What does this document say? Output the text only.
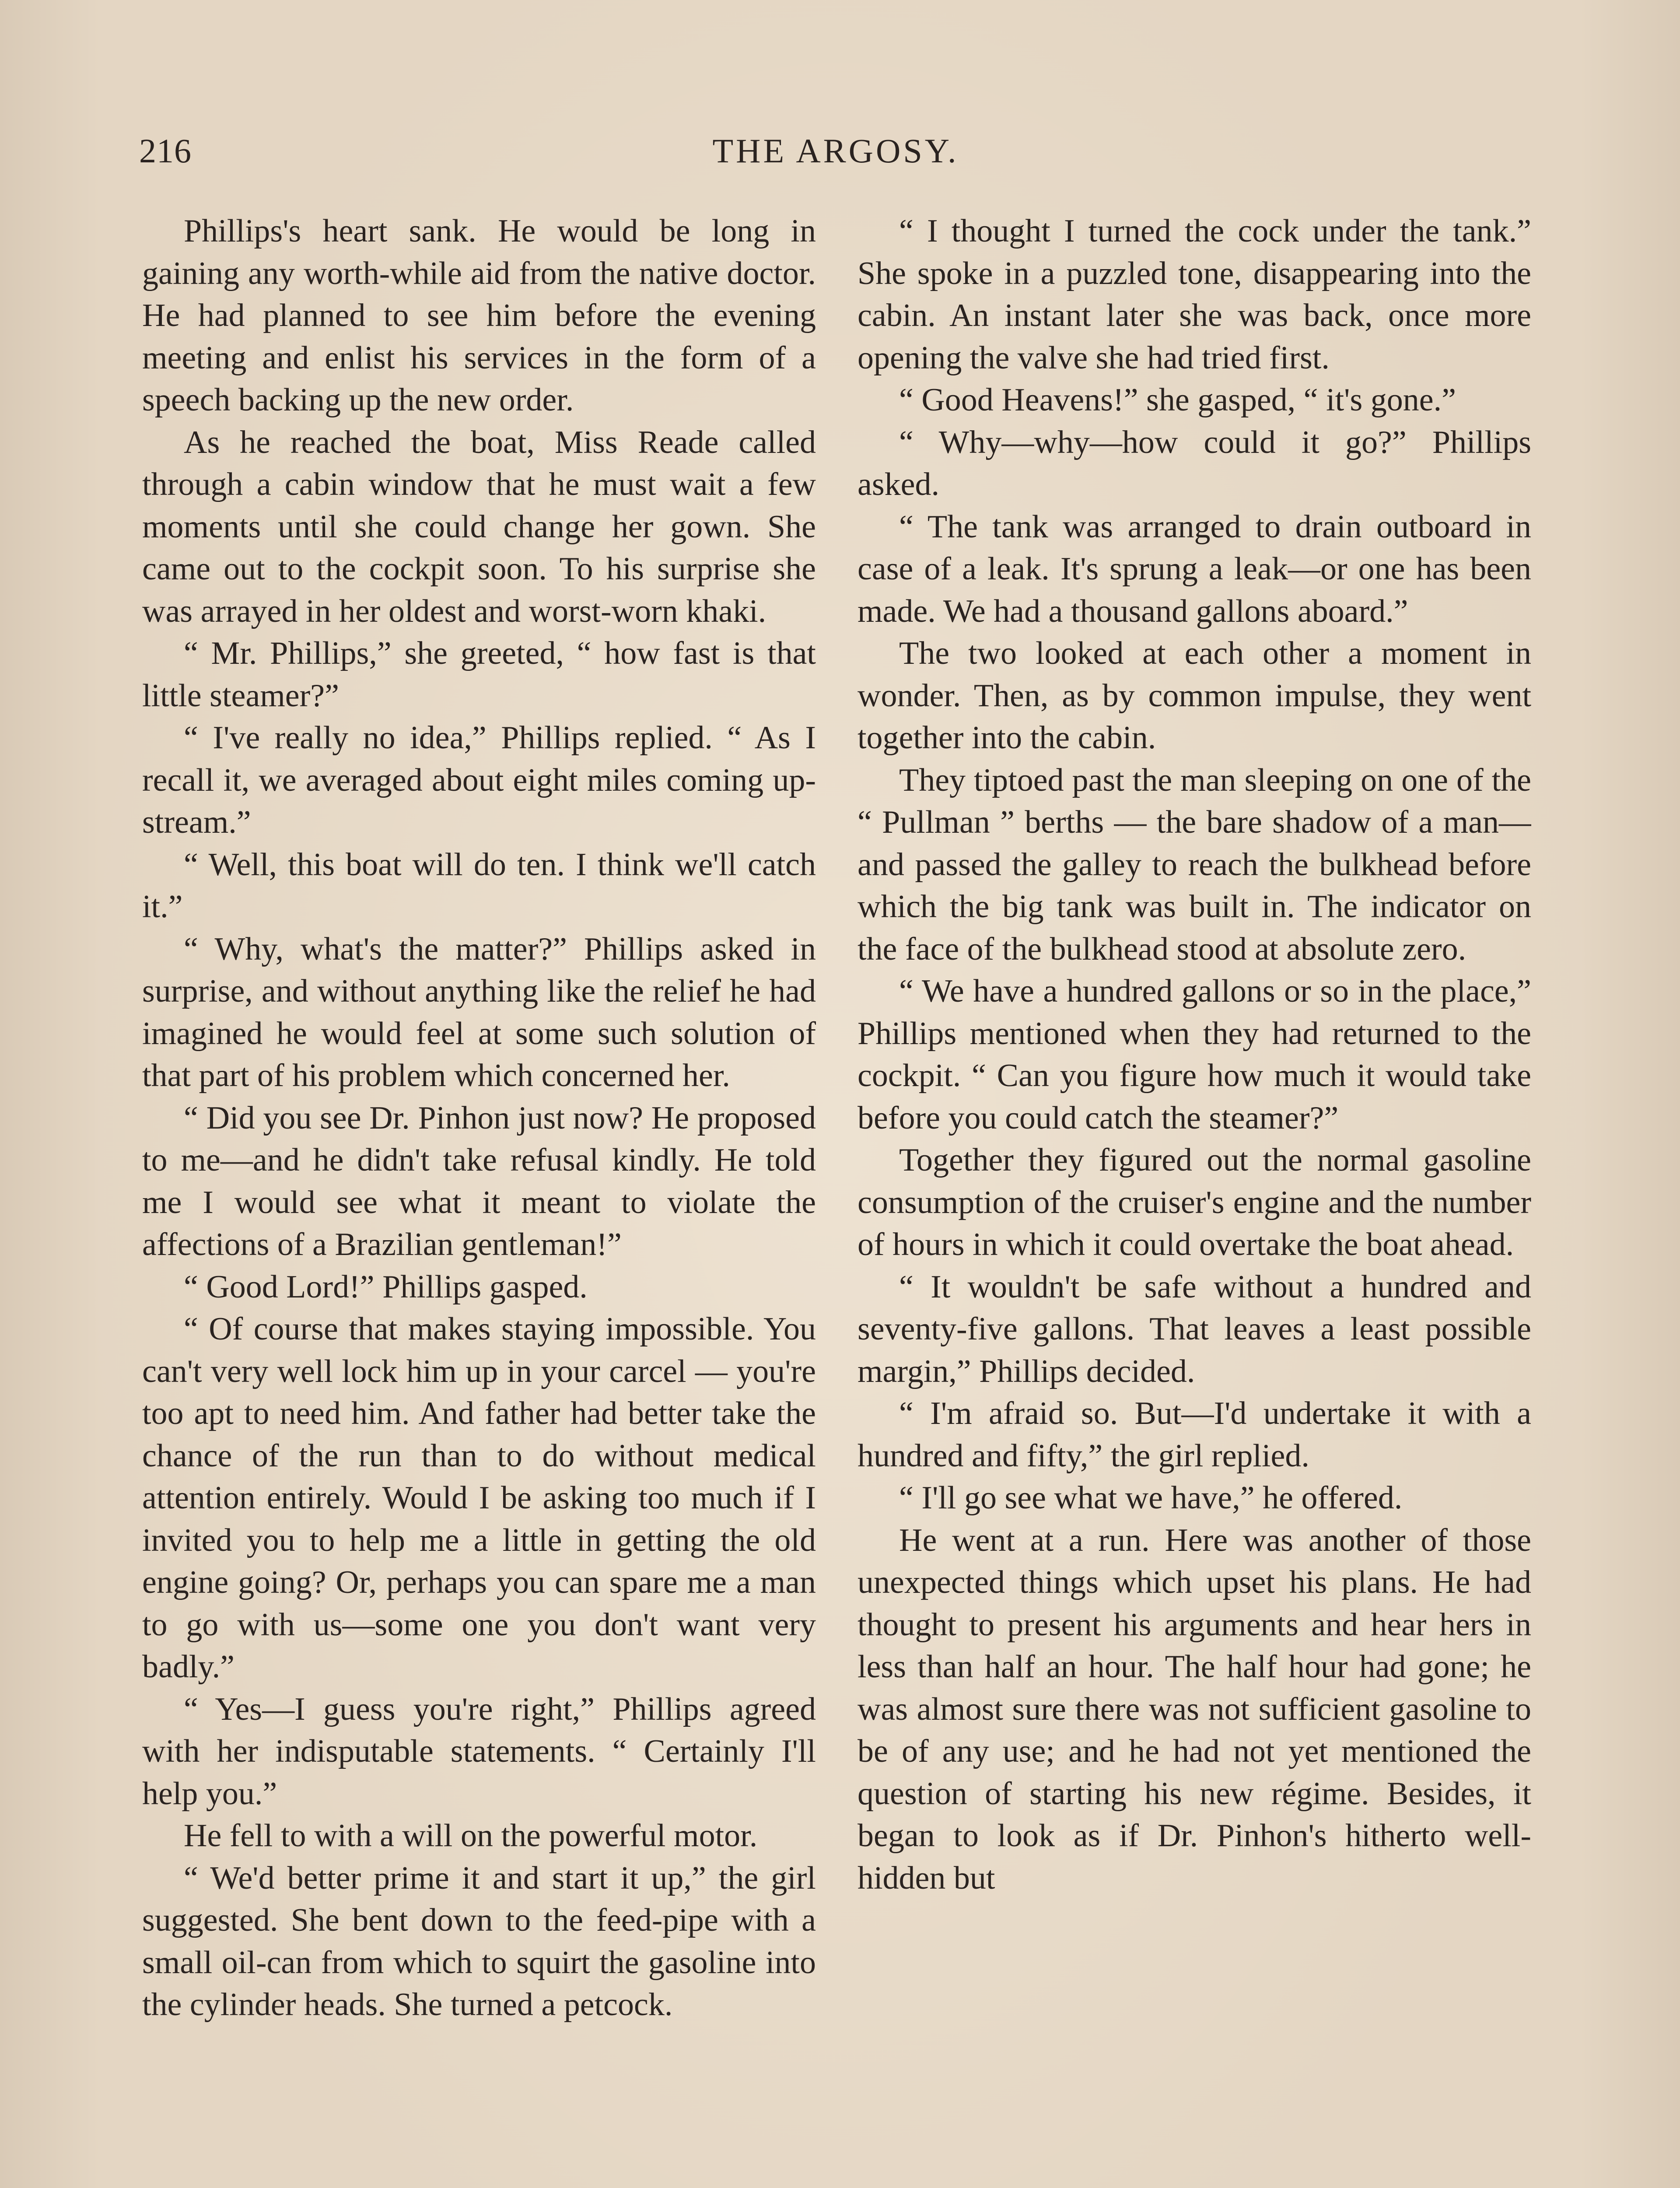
216	THE ARGOSY.

Phillips's heart sank. He would be long in gaining any worth-while aid from the native doctor. He had planned to see him before the evening meeting and enlist his services in the form of a speech backing up the new order.

As he reached the boat, Miss Reade called through a cabin window that he must wait a few moments until she could change her gown. She came out to the cockpit soon. To his surprise she was arrayed in her oldest and worst-worn khaki.

“ Mr. Phillips,” she greeted, “ how fast is that little steamer?”

“ I've really no idea,” Phillips replied. “ As I recall it, we averaged about eight miles coming up-stream.”

“ Well, this boat will do ten. I think we'll catch it.”

“ Why, what's the matter?” Phillips asked in surprise, and without anything like the relief he had imagined he would feel at some such solution of that part of his problem which concerned her.

“ Did you see Dr. Pinhon just now? He proposed to me—and he didn't take refusal kindly. He told me I would see what it meant to violate the affections of a Brazilian gentleman!”

“ Good Lord!” Phillips gasped.

“ Of course that makes staying impossible. You can't very well lock him up in your carcel — you're too apt to need him. And father had better take the chance of the run than to do without medical attention entirely. Would I be asking too much if I invited you to help me a little in getting the old engine going? Or, perhaps you can spare me a man to go with us—some one you don't want very badly.”

“ Yes—I guess you're right,” Phillips agreed with her indisputable statements. “ Certainly I'll help you.”

He fell to with a will on the powerful motor.

“ We'd better prime it and start it up,” the girl suggested. She bent down to the feed-pipe with a small oil-can from which to squirt the gasoline into the cylinder heads. She turned a petcock.

“ I thought I turned the cock under the tank.” She spoke in a puzzled tone, disappearing into the cabin. An instant later she was back, once more opening the valve she had tried first.

“ Good Heavens!” she gasped, “ it's gone.”

“ Why—why—how could it go?” Phillips asked.

“ The tank was arranged to drain outboard in case of a leak. It's sprung a leak—or one has been made. We had a thousand gallons aboard.”

The two looked at each other a moment in wonder. Then, as by common impulse, they went together into the cabin.

They tiptoed past the man sleeping on one of the “ Pullman ” berths — the bare shadow of a man—and passed the galley to reach the bulkhead before which the big tank was built in. The indicator on the face of the bulkhead stood at absolute zero.

“ We have a hundred gallons or so in the place,” Phillips mentioned when they had returned to the cockpit. “ Can you figure how much it would take before you could catch the steamer?”

Together they figured out the normal gasoline consumption of the cruiser's engine and the number of hours in which it could overtake the boat ahead.

“ It wouldn't be safe without a hundred and seventy-five gallons. That leaves a least possible margin,” Phillips decided.

“ I'm afraid so. But—I'd undertake it with a hundred and fifty,” the girl replied.

“ I'll go see what we have,” he offered.

He went at a run. Here was another of those unexpected things which upset his plans. He had thought to present his arguments and hear hers in less than half an hour. The half hour had gone; he was almost sure there was not sufficient gasoline to be of any use; and he had not yet mentioned the question of starting his new régime. Besides, it began to look as if Dr. Pinhon's hitherto well-hidden but
